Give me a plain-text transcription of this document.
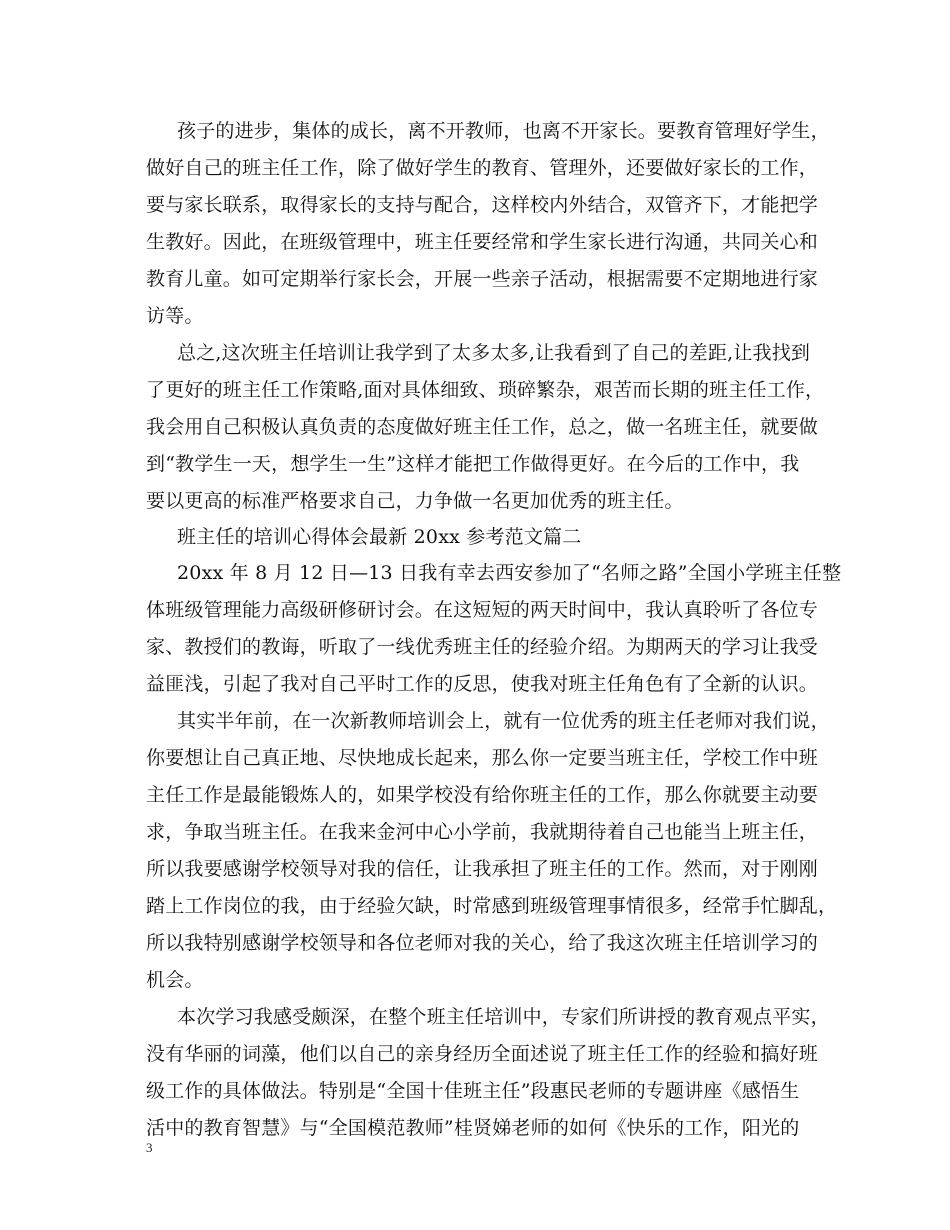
孩子的进步，集体的成长，离不开教师，也离不开家长。要教育管理好学生，
做好自己的班主任工作，除了做好学生的教育、管理外，还要做好家长的工作，
要与家长联系，取得家长的支持与配合，这样校内外结合，双管齐下，才能把学
生教好。因此，在班级管理中，班主任要经常和学生家长进行沟通，共同关心和
教育儿童。如可定期举行家长会，开展一些亲子活动，根据需要不定期地进行家
访等。
总之,这次班主任培训让我学到了太多太多,让我看到了自己的差距,让我找到
了更好的班主任工作策略,面对具体细致、琐碎繁杂，艰苦而长期的班主任工作，
我会用自己积极认真负责的态度做好班主任工作，总之，做一名班主任，就要做
到“教学生一天，想学生一生”这样才能把工作做得更好。在今后的工作中，我
要以更高的标准严格要求自己，力争做一名更加优秀的班主任。
班主任的培训心得体会最新 20xx 参考范文篇二
20xx 年 8 月 12 日—13 日我有幸去西安参加了“名师之路”全国小学班主任整
体班级管理能力高级研修研讨会。在这短短的两天时间中，我认真聆听了各位专
家、教授们的教诲，听取了一线优秀班主任的经验介绍。为期两天的学习让我受
益匪浅，引起了我对自己平时工作的反思，使我对班主任角色有了全新的认识。
其实半年前，在一次新教师培训会上，就有一位优秀的班主任老师对我们说，
你要想让自己真正地、尽快地成长起来，那么你一定要当班主任，学校工作中班
主任工作是最能锻炼人的，如果学校没有给你班主任的工作，那么你就要主动要
求，争取当班主任。在我来金河中心小学前，我就期待着自己也能当上班主任，
所以我要感谢学校领导对我的信任，让我承担了班主任的工作。然而，对于刚刚
踏上工作岗位的我，由于经验欠缺，时常感到班级管理事情很多，经常手忙脚乱，
所以我特别感谢学校领导和各位老师对我的关心，给了我这次班主任培训学习的
机会。
本次学习我感受颇深，在整个班主任培训中，专家们所讲授的教育观点平实，
没有华丽的词藻，他们以自己的亲身经历全面述说了班主任工作的经验和搞好班
级工作的具体做法。特别是“全国十佳班主任”段惠民老师的专题讲座《感悟生
活中的教育智慧》与“全国模范教师”桂贤娣老师的如何《快乐的工作，阳光的
3
